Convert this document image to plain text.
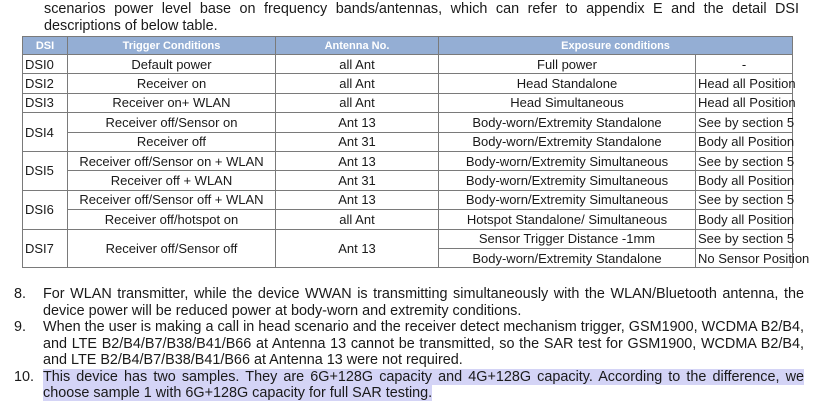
scenarios power level base on frequency bands/antennas, which can refer to appendix E and the detail DSI descriptions of below table.

DSI	Trigger Conditions	Antenna No.	Exposure conditions	
DSI0	Default power	all Ant	Full power	-
DSI2	Receiver on	all Ant	Head Standalone	Head all Position
DSI3	Receiver on+ WLAN	all Ant	Head Simultaneous	Head all Position
DSI4	Receiver off/Sensor on	Ant 13	Body-worn/Extremity Standalone	See by section 5
	Receiver off	Ant 31	Body-worn/Extremity Standalone	Body all Position
DSI5	Receiver off/Sensor on + WLAN	Ant 13	Body-worn/Extremity Simultaneous	See by section 5
	Receiver off + WLAN	Ant 31	Body-worn/Extremity Simultaneous	Body all Position
DSI6	Receiver off/Sensor off + WLAN	Ant 13	Body-worn/Extremity Simultaneous	See by section 5
	Receiver off/hotspot on	all Ant	Hotspot Standalone/ Simultaneous	Body all Position
DSI7	Receiver off/Sensor off	Ant 13	Sensor Trigger Distance -1mm	See by section 5
			Body-worn/Extremity Standalone	No Sensor Position
8.	For WLAN transmitter, while the device WWAN is transmitting simultaneously with the WLAN/Bluetooth antenna, the device power will be reduced power at body-worn and extremity conditions.
9.	When the user is making a call in head scenario and the receiver detect mechanism trigger, GSM1900, WCDMA B2/B4, and LTE B2/B4/B7/B38/B41/B66 at Antenna 13 cannot be transmitted, so the SAR test for GSM1900, WCDMA B2/B4, and LTE B2/B4/B7/B38/B41/B66 at Antenna 13 were not required.
10. This device has two samples. They are 6G+128G capacity and 4G+128G capacity. According to the difference, we choose sample 1 with 6G+128G capacity for full SAR testing.
